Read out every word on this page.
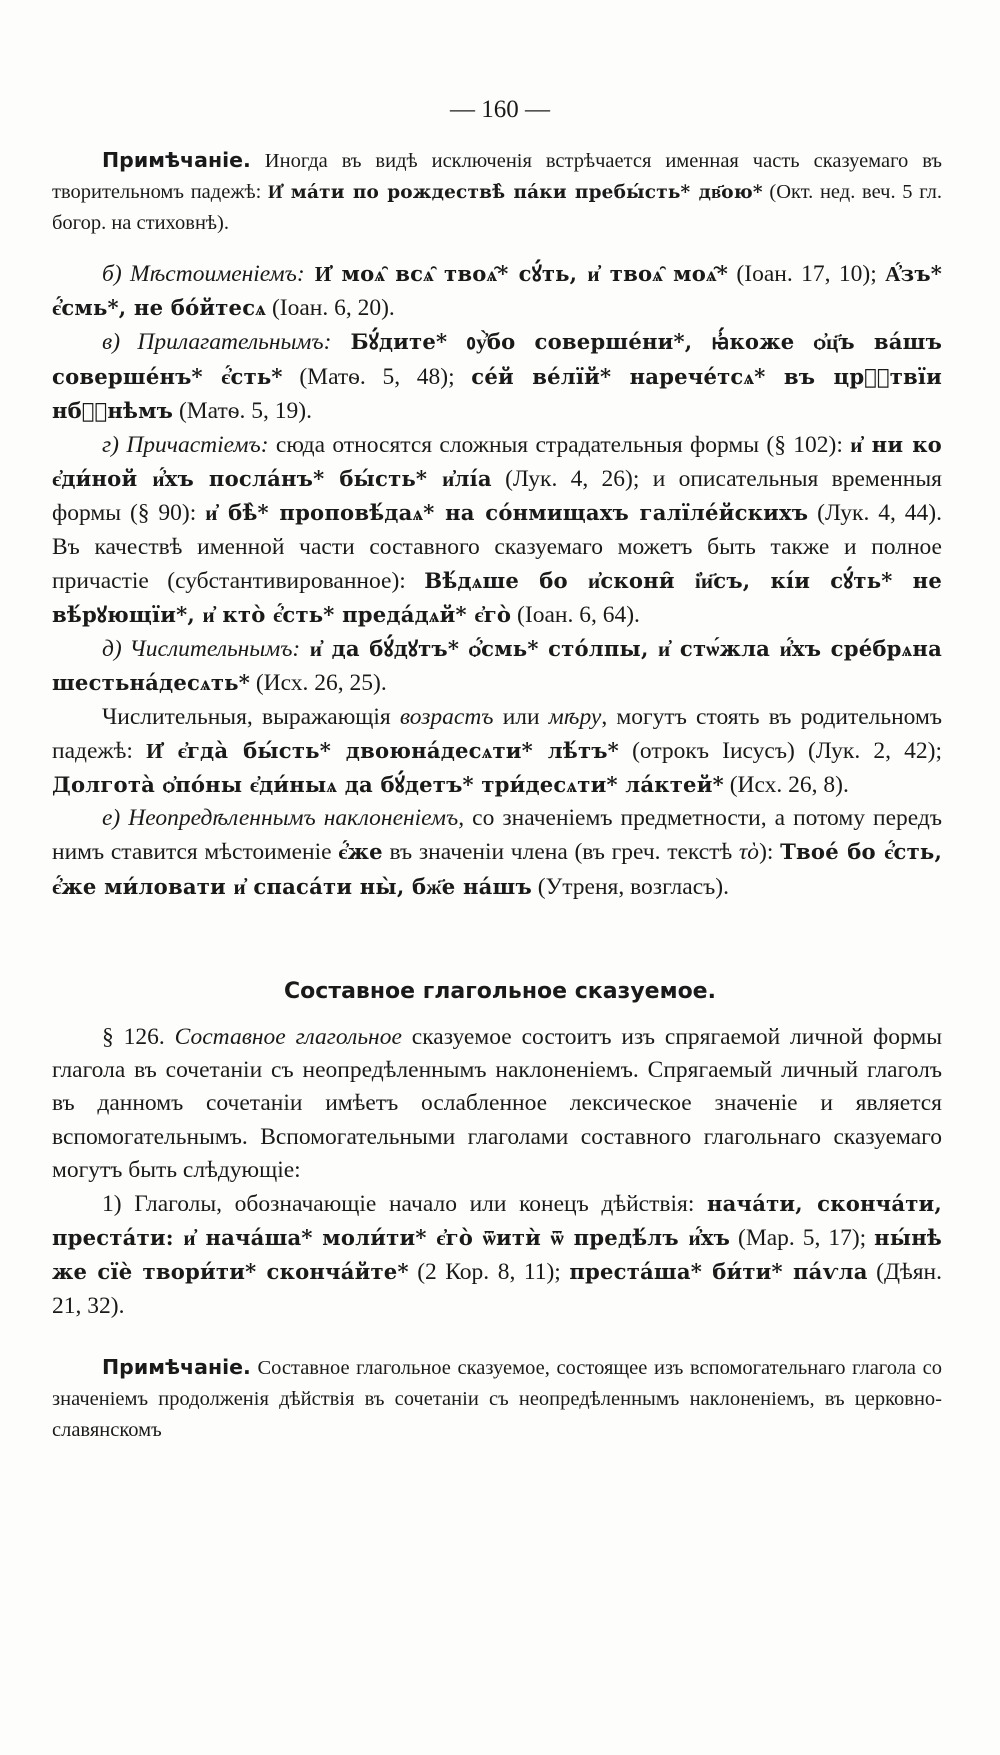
— 160 —

Примѣчаніе. Иногда въ видѣ исключенія встрѣчается именная часть сказуемаго въ творительномъ падежѣ: И҆ ма́ти по рождествѣ̀ па́ки пребы́сть* дв҃ою* (Окт. нед. веч. 5 гл. богор. на стиховнѣ).

б) Мѣстоименіемъ: И҆ моѧ̑ всѧ̑ твоѧ̑* сꙋ́ть, и҆ твоѧ̑ моѧ̑* (Іоан. 17, 10); А҆́зъ* є҆́смь*, не бо́йтесѧ (Іоан. 6, 20).

в) Прилагательнымъ: Бꙋ́дите* ᲂу҆̀бо соверше́ни*, ꙗ҆́коже ѻ҆ц҃ъ ва́шъ соверше́нъ* є҆́сть* (Матѳ. 5, 48); се́й ве́лїй* нарече́тсѧ* въ црⷭ҇твїи нбⷭ҇нѣмъ (Матѳ. 5, 19).

г) Причастіемъ: сюда относятся сложныя страдательныя формы (§ 102): и҆ ни ко є҆ди́ной и҆́хъ посла́нъ* бы́сть* и҆лі́а (Лук. 4, 26); и описательныя временныя формы (§ 90): и҆ бѣ̀* проповѣ́даѧ* на со́нмищахъ галїле́йскихъ (Лук. 4, 44). Въ качествѣ именной части составного сказуемаго можетъ быть также и полное причастіе (субстантивированное): Вѣ́дѧше бо и҆скони̑ і҆и҃съ, кі́и сꙋ́ть* не вѣ́рꙋющїи*, и҆ кто̀ є҆́сть* преда́дѧй* є҆го̀ (Іоан. 6, 64).

д) Числительнымъ: и҆ да бꙋ́дꙋтъ* ѻ҆́смь* сто́лпы, и҆ стѡ́жла и҆́хъ сре́брѧна шестьна́десѧть* (Исх. 26, 25).

Числительныя, выражающія возрастъ или мѣру, могутъ стоять въ родительномъ падежѣ: И҆ є҆гда̀ бы́сть* двоюна́десѧти* лѣ́тъ* (отрокъ Іисусъ) (Лук. 2, 42); Долгота̀ ѻ҆по́ны є҆ди́ныѧ да бꙋ́детъ* три́десѧти* ла́ктей* (Исх. 26, 8).

е) Неопредѣленнымъ наклоненіемъ, со значеніемъ предметности, а потому передъ нимъ ставится мѣстоименіе є҆́же въ значеніи члена (въ греч. текстѣ τὸ): Твое́ бо є҆́сть, є҆́же ми́ловати и҆ спаса́ти ны̀, бж҃е на́шъ (Утреня, возгласъ).

Составное глагольное сказуемое.

§ 126. Составное глагольное сказуемое состоитъ изъ спрягаемой личной формы глагола въ сочетаніи съ неопредѣленнымъ наклоненіемъ. Спрягаемый личный глаголъ въ данномъ сочетаніи имѣетъ ослабленное лексическое значеніе и является вспомогательнымъ. Вспомогательными глаголами составного глагольнаго сказуемаго могутъ быть слѣдующіе:

1) Глаголы, обозначающіе начало или конецъ дѣйствія: нача́ти, сконча́ти, преста́ти: и҆ нача́ша* моли́ти* є҆го̀ ѿитѝ ѿ предѣ́лъ и҆́хъ (Мар. 5, 17); ны́нѣ же сїѐ твори́ти* сконча́йте* (2 Кор. 8, 11); преста́ша* би́ти* па́ѵла (Дѣян. 21, 32).

Примѣчаніе. Составное глагольное сказуемое, состоящее изъ вспомогательнаго глагола со значеніемъ продолженія дѣйствія въ сочетаніи съ неопредѣленнымъ наклоненіемъ, въ церковно-славянскомъ
